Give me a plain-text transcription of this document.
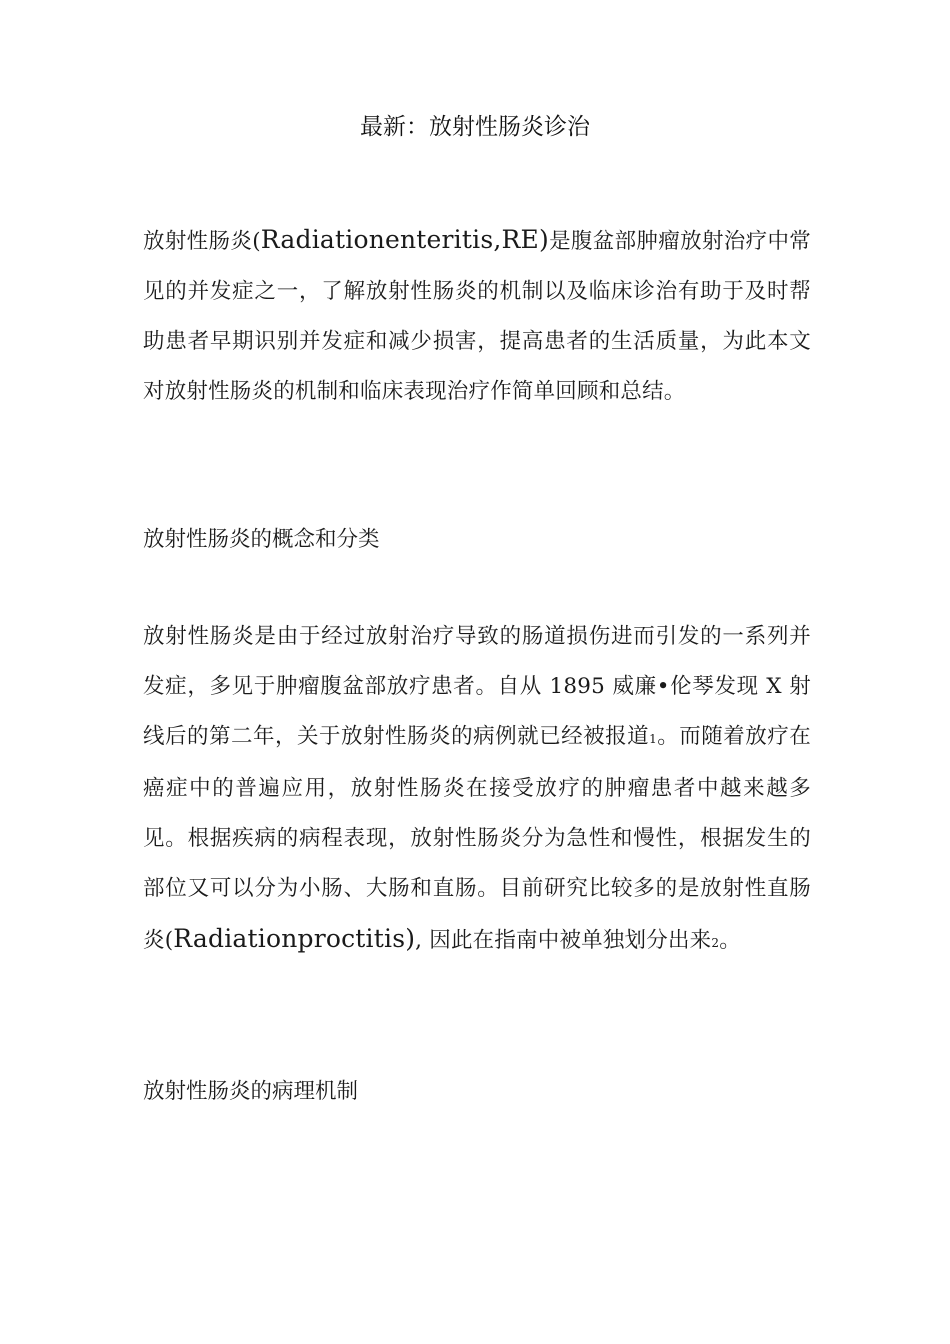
最新：放射性肠炎诊治

放射性肠炎(Radiationenteritis,RE)是腹盆部肿瘤放射治疗中常见的并发症之一，了解放射性肠炎的机制以及临床诊治有助于及时帮助患者早期识别并发症和减少损害，提高患者的生活质量，为此本文对放射性肠炎的机制和临床表现治疗作简单回顾和总结。

放射性肠炎的概念和分类

放射性肠炎是由于经过放射治疗导致的肠道损伤进而引发的一系列并发症，多见于肿瘤腹盆部放疗患者。自从 1895 威廉•伦琴发现 X 射线后的第二年，关于放射性肠炎的病例就已经被报道1。而随着放疗在癌症中的普遍应用，放射性肠炎在接受放疗的肿瘤患者中越来越多见。根据疾病的病程表现，放射性肠炎分为急性和慢性，根据发生的部位又可以分为小肠、大肠和直肠。目前研究比较多的是放射性直肠炎(Radiationproctitis), 因此在指南中被单独划分出来2。

放射性肠炎的病理机制
